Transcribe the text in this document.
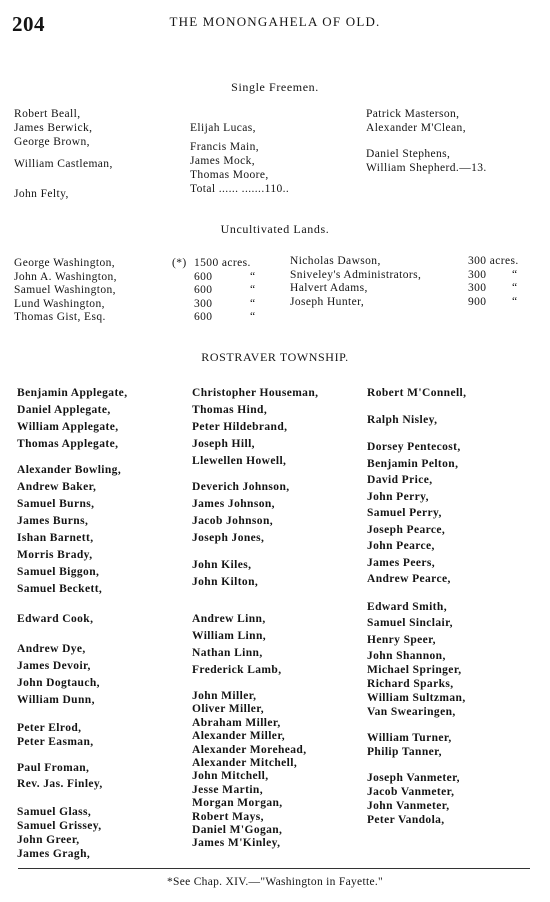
204	THE MONONGAHELA OF OLD.
Single Freemen.
Robert Beall,
James Berwick,
George Brown,
William Castleman,
John Felty,
Elijah Lucas,
Francis Main,
James Mock,
Thomas Moore,
Total ...... .......110..
Patrick Masterson,
Alexander M'Clean,
Daniel Stephens,
William Shepherd.—13.
Uncultivated Lands.
George Washington,	(*) 1500 acres.
John A. Washington,	600	“
Samuel Washington,	600	“
Lund Washington,	300	“
Thomas Gist, Esq.	600	“
Nicholas Dawson,	300 acres.
Sniveley's Administrators,	300 “
Halvert Adams,	300 “
Joseph Hunter,	900 “
ROSTRAVER TOWNSHIP.
Benjamin Applegate,
Daniel Applegate,
William Applegate,
Thomas Applegate,
Alexander Bowling,
Andrew Baker,
Samuel Burns,
James Burns,
Ishan Barnett,
Morris Brady,
Samuel Biggon,
Samuel Beckett,
Edward Cook,
Andrew Dye,
James Devoir,
John Dogtauch,
William Dunn,
Peter Elrod,
Peter Easman,
Paul Froman,
Rev. Jas. Finley,
Samuel Glass,
Samuel Grissey,
John Greer,
James Gragh,
Christopher Houseman,
Thomas Hind,
Peter Hildebrand,
Joseph Hill,
Llewellen Howell,
Deverich Johnson,
James Johnson,
Jacob Johnson,
Joseph Jones,
John Kiles,
John Kilton,
Andrew Linn,
William Linn,
Nathan Linn,
Frederick Lamb,
John Miller,
Oliver Miller,
Abraham Miller,
Alexander Miller,
Alexander Morehead,
Alexander Mitchell,
John Mitchell,
Jesse Martin,
Morgan Morgan,
Robert Mays,
Daniel M'Gogan,
James M'Kinley,
Robert M'Connell,
Ralph Nisley,
Dorsey Pentecost,
Benjamin Pelton,
David Price,
John Perry,
Samuel Perry,
Joseph Pearce,
John Pearce,
James Peers,
Andrew Pearce,
Edward Smith,
Samuel Sinclair,
Henry Speer,
John Shannon,
Michael Springer,
Richard Sparks,
William Sultzman,
Van Swearingen,
William Turner,
Philip Tanner,
Joseph Vanmeter,
Jacob Vanmeter,
John Vanmeter,
Peter Vandola,
*See Chap. XIV.—"Washington in Fayette."
